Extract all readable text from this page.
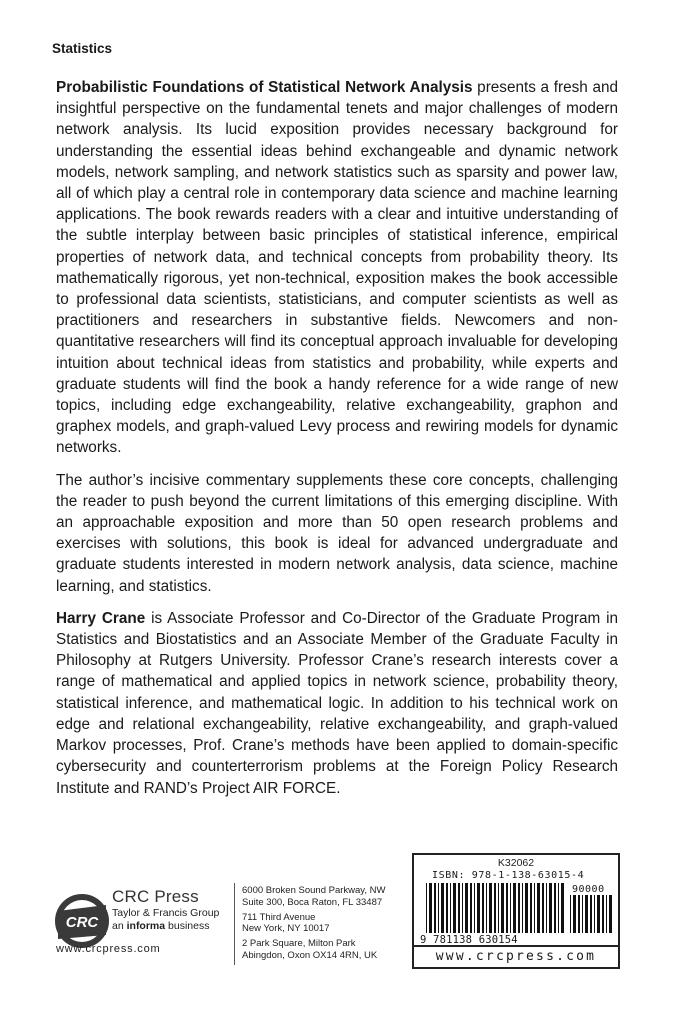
Statistics

Probabilistic Foundations of Statistical Network Analysis presents a fresh and insightful perspective on the fundamental tenets and major challenges of modern network analysis. Its lucid exposition provides necessary background for understanding the essential ideas behind exchangeable and dynamic network models, network sampling, and network statistics such as sparsity and power law, all of which play a central role in contemporary data science and machine learning applications. The book rewards readers with a clear and intuitive understanding of the subtle interplay between basic principles of statistical inference, empirical properties of network data, and technical concepts from probability theory. Its mathematically rigorous, yet non-technical, exposition makes the book accessible to professional data scientists, statisticians, and computer scientists as well as practitioners and researchers in substantive fields. Newcomers and non-quantitative researchers will find its conceptual approach invaluable for developing intuition about technical ideas from statistics and probability, while experts and graduate students will find the book a handy reference for a wide range of new topics, including edge exchangeability, relative exchangeability, graphon and graphex models, and graph-valued Levy process and rewiring models for dynamic networks.

The author’s incisive commentary supplements these core concepts, challenging the reader to push beyond the current limitations of this emerging discipline. With an approachable exposition and more than 50 open research problems and exercises with solutions, this book is ideal for advanced undergraduate and graduate students interested in modern network analysis, data science, machine learning, and statistics.

Harry Crane is Associate Professor and Co-Director of the Graduate Program in Statistics and Biostatistics and an Associate Member of the Graduate Faculty in Philosophy at Rutgers University. Professor Crane’s research interests cover a range of mathematical and applied topics in network science, probability theory, statistical inference, and mathematical logic. In addition to his technical work on edge and relational exchangeability, relative exchangeability, and graph-valued Markov processes, Prof. Crane’s methods have been applied to domain-specific cybersecurity and counterterrorism problems at the Foreign Policy Research Institute and RAND’s Project AIR FORCE.

CRC
CRC Press
Taylor & Francis Group
an informa business
www.crcpress.com
6000 Broken Sound Parkway, NW
Suite 300, Boca Raton, FL 33487
711 Third Avenue
New York, NY 10017
2 Park Square, Milton Park
Abingdon, Oxon OX14 4RN, UK
K32062
ISBN: 978-1-138-63015-4
90000
9 781138 630154
www.crcpress.com
